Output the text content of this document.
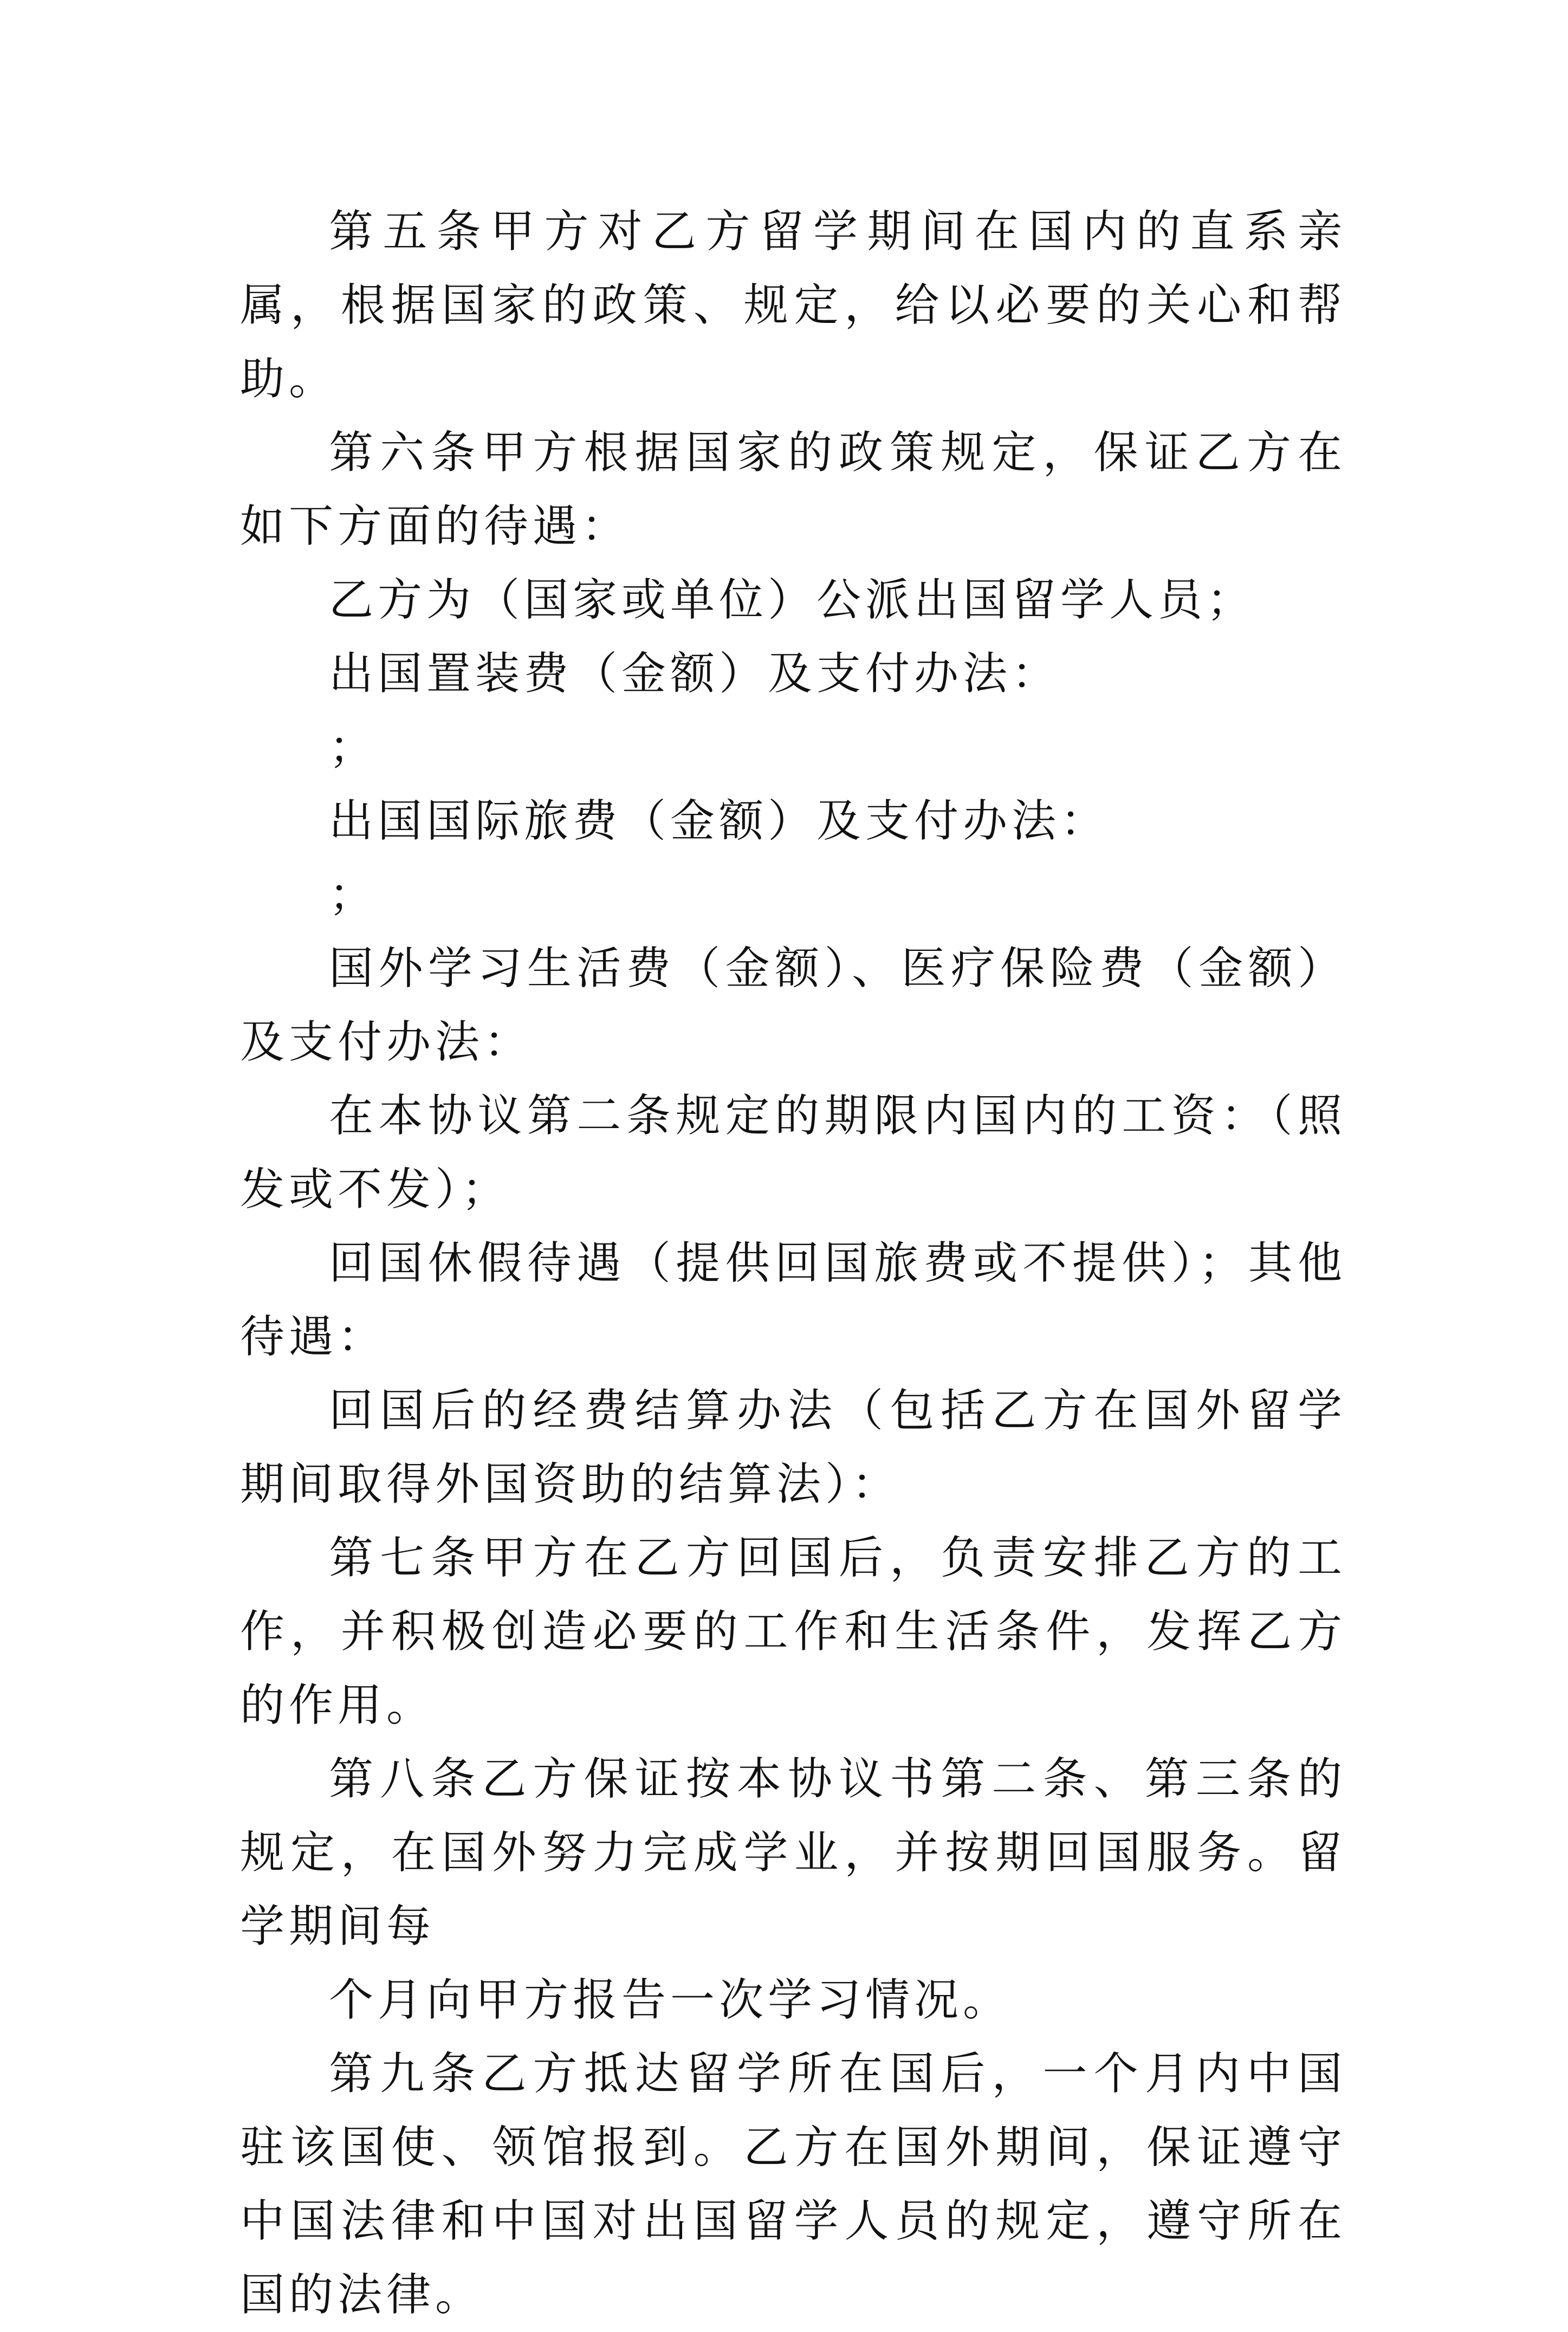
第五条甲方对乙方留学期间在国内的直系亲属，根据国家的政策、规定，给以必要的关心和帮助。

第六条甲方根据国家的政策规定，保证乙方在如下方面的待遇：

乙方为（国家或单位）公派出国留学人员；

出国置装费（金额）及支付办法：

；

出国国际旅费（金额）及支付办法：

；

国外学习生活费（金额）、医疗保险费（金额）及支付办法：

在本协议第二条规定的期限内国内的工资：（照发或不发）；

回国休假待遇（提供回国旅费或不提供）；其他待遇：

回国后的经费结算办法（包括乙方在国外留学期间取得外国资助的结算法）：

第七条甲方在乙方回国后，负责安排乙方的工作，并积极创造必要的工作和生活条件，发挥乙方的作用。

第八条乙方保证按本协议书第二条、第三条的规定，在国外努力完成学业，并按期回国服务。留学期间每

个月向甲方报告一次学习情况。

第九条乙方抵达留学所在国后，一个月内中国驻该国使、领馆报到。乙方在国外期间，保证遵守中国法律和中国对出国留学人员的规定，遵守所在国的法律。
